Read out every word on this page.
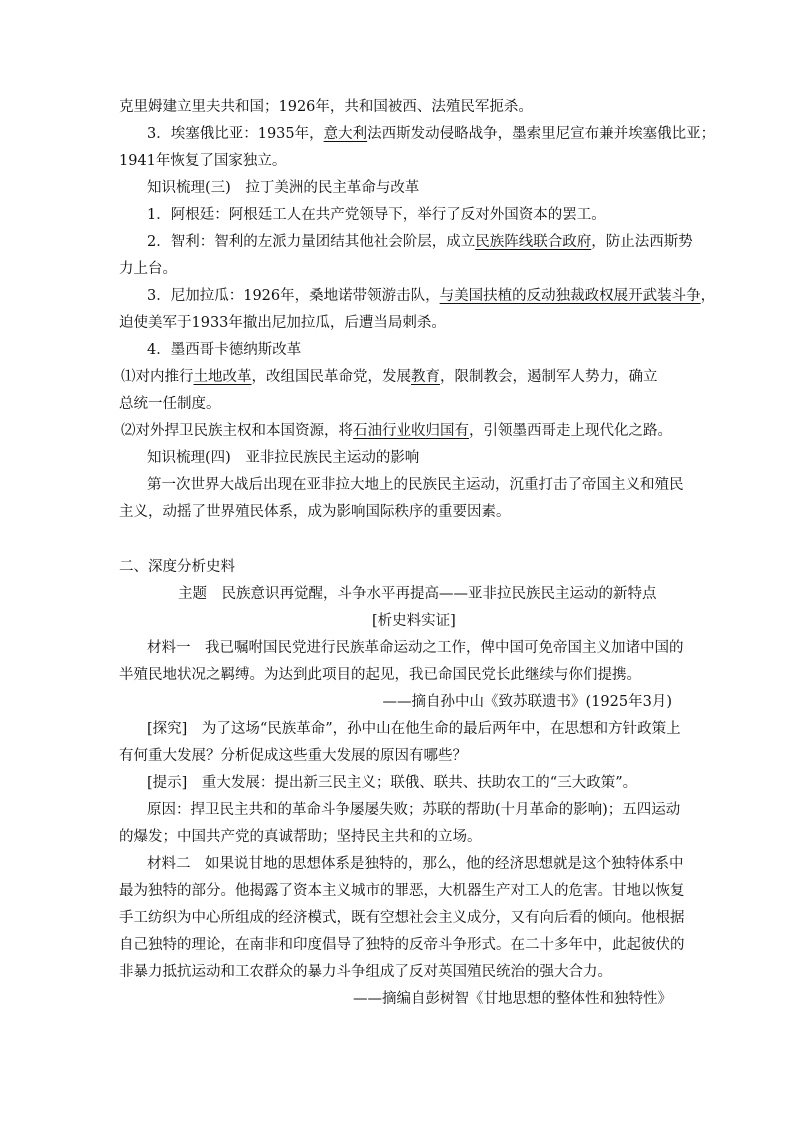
克里姆建立里夫共和国；1926年，共和国被西、法殖民军扼杀。
3．埃塞俄比亚：1935年，意大利法西斯发动侵略战争，墨索里尼宣布兼并埃塞俄比亚；
1941年恢复了国家独立。
知识梳理(三)　拉丁美洲的民主革命与改革
1．阿根廷：阿根廷工人在共产党领导下，举行了反对外国资本的罢工。
2．智利：智利的左派力量团结其他社会阶层，成立民族阵线联合政府，防止法西斯势
力上台。
3．尼加拉瓜：1926年，桑地诺带领游击队，与美国扶植的反动独裁政权展开武装斗争，
迫使美军于1933年撤出尼加拉瓜，后遭当局刺杀。
4．墨西哥卡德纳斯改革
⑴对内推行土地改革，改组国民革命党，发展教育，限制教会，遏制军人势力，确立
总统一任制度。
⑵对外捍卫民族主权和本国资源，将石油行业收归国有，引领墨西哥走上现代化之路。
知识梳理(四)　亚非拉民族民主运动的影响
第一次世界大战后出现在亚非拉大地上的民族民主运动，沉重打击了帝国主义和殖民
主义，动摇了世界殖民体系，成为影响国际秩序的重要因素。
二、深度分析史料
主题　民族意识再觉醒，斗争水平再提高——亚非拉民族民主运动的新特点
[析史料实证]
材料一　我已嘱咐国民党进行民族革命运动之工作，俾中国可免帝国主义加诸中国的
半殖民地状况之羁缚。为达到此项目的起见，我已命国民党长此继续与你们提携。
——摘自孙中山《致苏联遗书》(1925年3月)
[探究]　为了这场“民族革命”，孙中山在他生命的最后两年中，在思想和方针政策上
有何重大发展？分析促成这些重大发展的原因有哪些？
[提示]　重大发展：提出新三民主义；联俄、联共、扶助农工的“三大政策”。
原因：捍卫民主共和的革命斗争屡屡失败；苏联的帮助(十月革命的影响)；五四运动
的爆发；中国共产党的真诚帮助；坚持民主共和的立场。
材料二　如果说甘地的思想体系是独特的，那么，他的经济思想就是这个独特体系中
最为独特的部分。他揭露了资本主义城市的罪恶，大机器生产对工人的危害。甘地以恢复
手工纺织为中心所组成的经济模式，既有空想社会主义成分，又有向后看的倾向。他根据
自己独特的理论，在南非和印度倡导了独特的反帝斗争形式。在二十多年中，此起彼伏的
非暴力抵抗运动和工农群众的暴力斗争组成了反对英国殖民统治的强大合力。
——摘编自彭树智《甘地思想的整体性和独特性》
